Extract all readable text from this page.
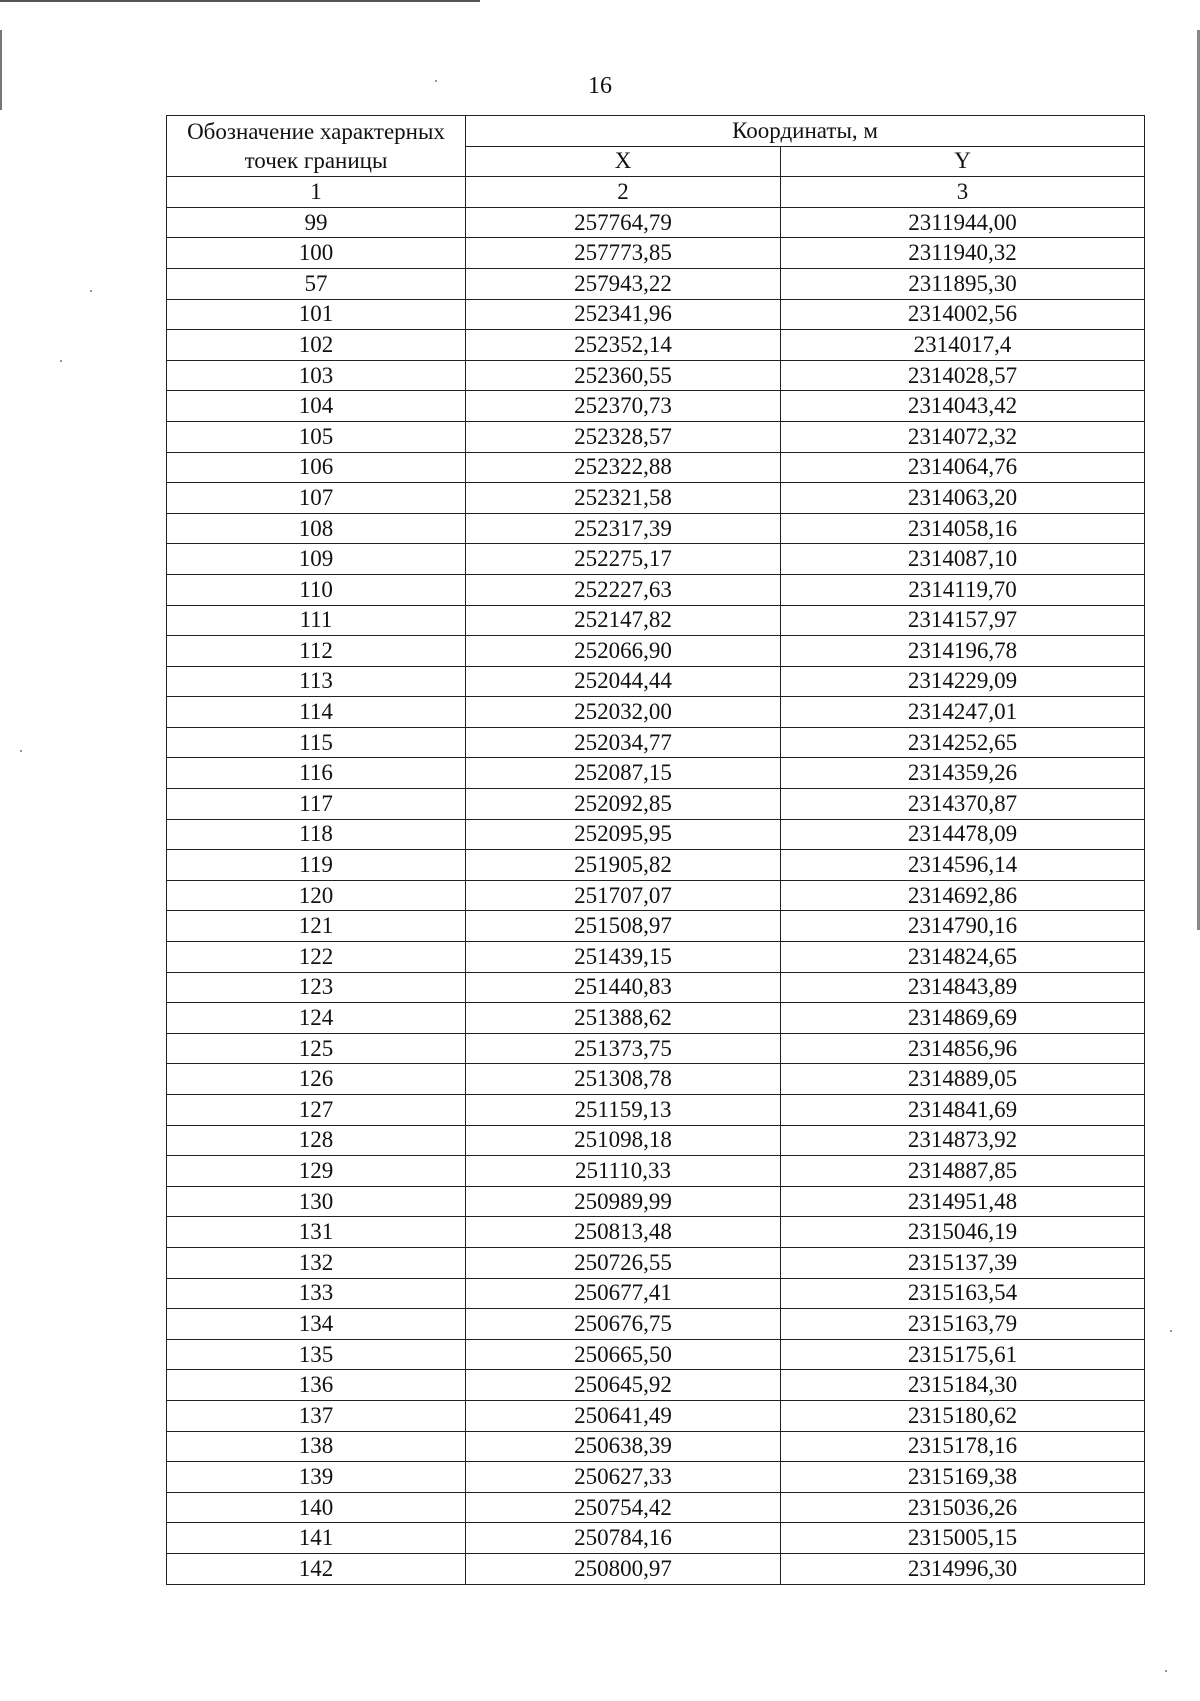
16
Обозначение характерных точек границы	Координаты, м	
	X	Y
1	2	3
99	257764,79	2311944,00
100	257773,85	2311940,32
57	257943,22	2311895,30
101	252341,96	2314002,56
102	252352,14	2314017,4
103	252360,55	2314028,57
104	252370,73	2314043,42
105	252328,57	2314072,32
106	252322,88	2314064,76
107	252321,58	2314063,20
108	252317,39	2314058,16
109	252275,17	2314087,10
110	252227,63	2314119,70
111	252147,82	2314157,97
112	252066,90	2314196,78
113	252044,44	2314229,09
114	252032,00	2314247,01
115	252034,77	2314252,65
116	252087,15	2314359,26
117	252092,85	2314370,87
118	252095,95	2314478,09
119	251905,82	2314596,14
120	251707,07	2314692,86
121	251508,97	2314790,16
122	251439,15	2314824,65
123	251440,83	2314843,89
124	251388,62	2314869,69
125	251373,75	2314856,96
126	251308,78	2314889,05
127	251159,13	2314841,69
128	251098,18	2314873,92
129	251110,33	2314887,85
130	250989,99	2314951,48
131	250813,48	2315046,19
132	250726,55	2315137,39
133	250677,41	2315163,54
134	250676,75	2315163,79
135	250665,50	2315175,61
136	250645,92	2315184,30
137	250641,49	2315180,62
138	250638,39	2315178,16
139	250627,33	2315169,38
140	250754,42	2315036,26
141	250784,16	2315005,15
142	250800,97	2314996,30
